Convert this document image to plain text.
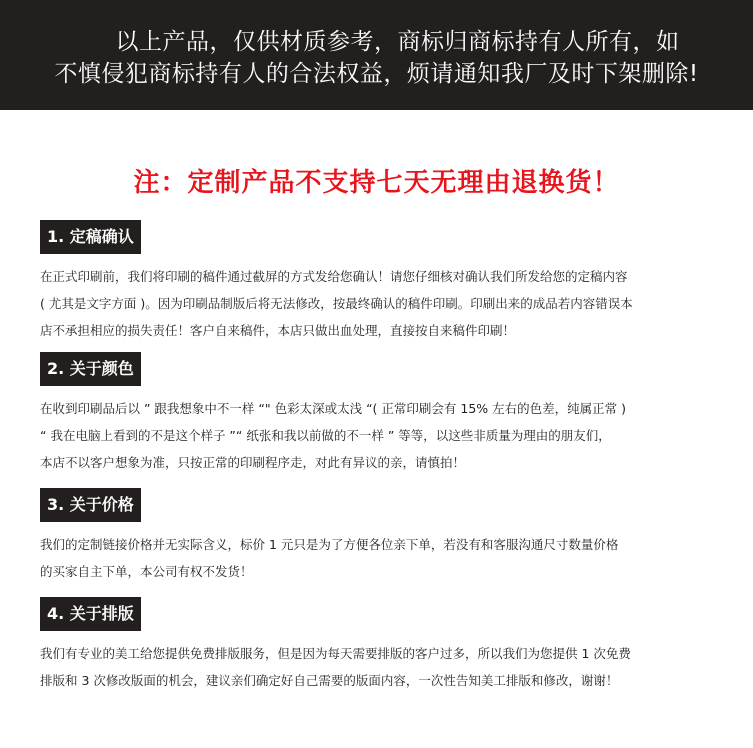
以上产品，仅供材质参考，商标归商标持有人所有，如
不慎侵犯商标持有人的合法权益，烦请通知我厂及时下架删除!
注：定制产品不支持七天无理由退换货！
1. 定稿确认

在正式印刷前，我们将印刷的稿件通过截屏的方式发给您确认！请您仔细核对确认我们所发给您的定稿内容

( 尤其是文字方面 )。因为印刷品制版后将无法修改，按最终确认的稿件印刷。印刷出来的成品若内容错误本

店不承担相应的损失责任！客户自来稿件，本店只做出血处理，直接按自来稿件印刷！

2. 关于颜色

在收到印刷品后以 ” 跟我想象中不一样 “" 色彩太深或太浅 “( 正常印刷会有 15% 左右的色差，纯属正常 )

“ 我在电脑上看到的不是这个样子 ”“ 纸张和我以前做的不一样 ” 等等，以这些非质量为理由的朋友们，

本店不以客户想象为准，只按正常的印刷程序走，对此有异议的亲，请慎拍！

3. 关于价格

我们的定制链接价格并无实际含义，标价 1 元只是为了方便各位亲下单，若没有和客服沟通尺寸数量价格

的买家自主下单，本公司有权不发货！

4. 关于排版

我们有专业的美工给您提供免费排版服务，但是因为每天需要排版的客户过多，所以我们为您提供 1 次免费

排版和 3 次修改版面的机会，建议亲们确定好自己需要的版面内容，一次性告知美工排版和修改，谢谢！
